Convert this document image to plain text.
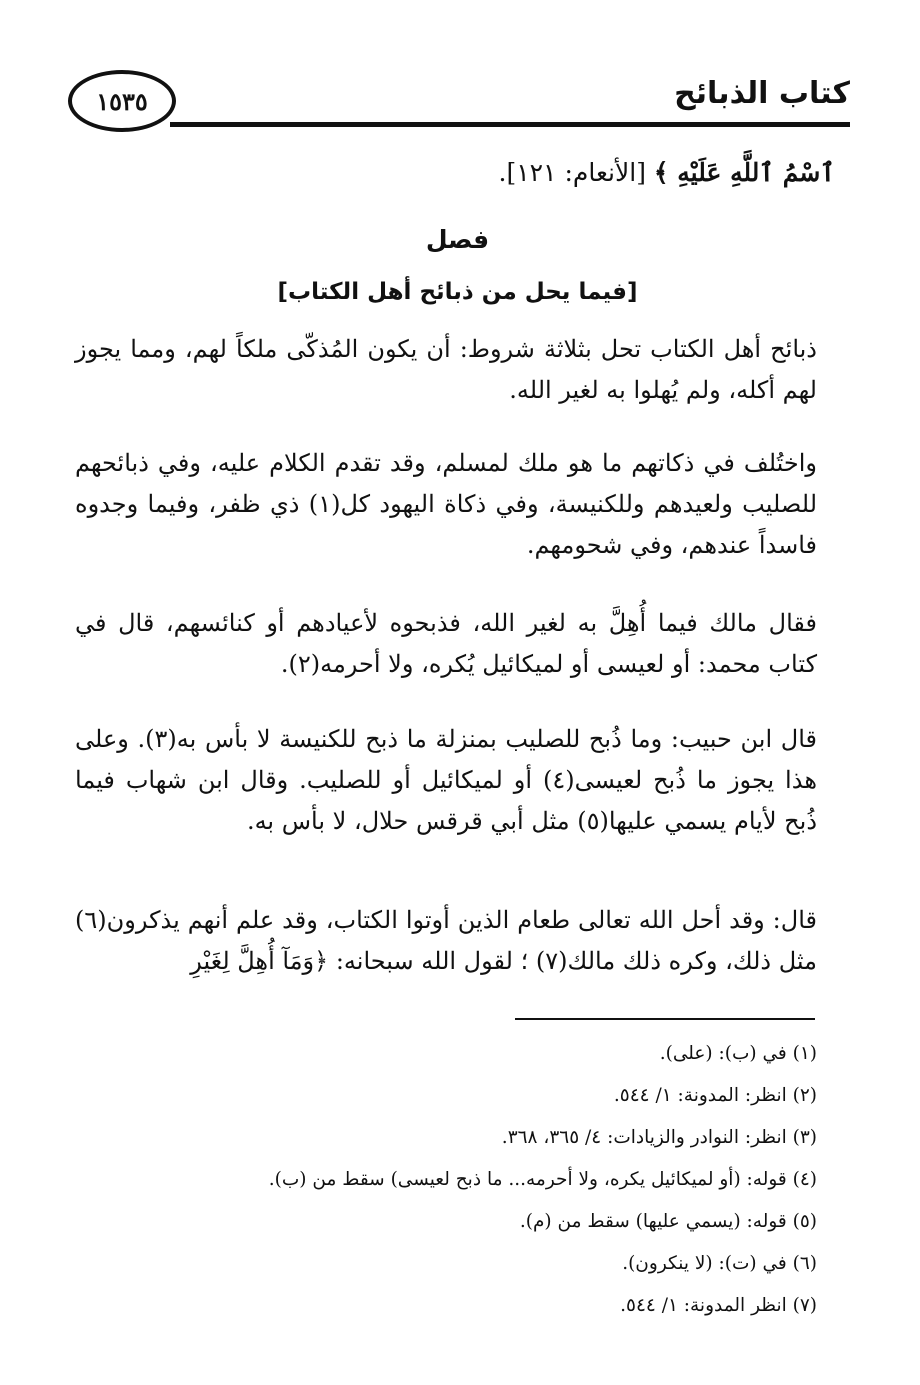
كتاب الذبائح
١٥٣٥
ٱسْمُ ٱللَّهِ عَلَيْهِ ﴾ [الأنعام: ١٢١].
فصل
[فيما يحل من ذبائح أهل الكتاب]
ذبائح أهل الكتاب تحل بثلاثة شروط: أن يكون المُذكّى ملكاً لهم، ومما يجوز لهم أكله، ولم يُهلوا به لغير الله.
واختُلف في ذكاتهم ما هو ملك لمسلم، وقد تقدم الكلام عليه، وفي ذبائحهم للصليب ولعيدهم وللكنيسة، وفي ذكاة اليهود كل(١) ذي ظفر، وفيما وجدوه فاسداً عندهم، وفي شحومهم.
فقال مالك فيما أُهِلَّ به لغير الله، فذبحوه لأعيادهم أو كنائسهم، قال في كتاب محمد: أو لعيسى أو لميكائيل يُكره، ولا أحرمه(٢).
قال ابن حبيب: وما ذُبح للصليب بمنزلة ما ذبح للكنيسة لا بأس به(٣). وعلى هذا يجوز ما ذُبح لعيسى(٤) أو لميكائيل أو للصليب. وقال ابن شهاب فيما ذُبح لأيام يسمي عليها(٥) مثل أبي قرقس حلال، لا بأس به.
قال: وقد أحل الله تعالى طعام الذين أوتوا الكتاب، وقد علم أنهم يذكرون(٦) مثل ذلك، وكره ذلك مالك(٧) ؛ لقول الله سبحانه: ﴿وَمَآ أُهِلَّ لِغَيْرِ
(١) في (ب): (على).
(٢) انظر: المدونة: ١/ ٥٤٤.
(٣) انظر: النوادر والزيادات: ٤/ ٣٦٥، ٣٦٨.
(٤) قوله: (أو لميكائيل يكره، ولا أحرمه... ما ذبح لعيسى) سقط من (ب).
(٥) قوله: (يسمي عليها) سقط من (م).
(٦) في (ت): (لا ينكرون).
(٧) انظر المدونة: ١/ ٥٤٤.
